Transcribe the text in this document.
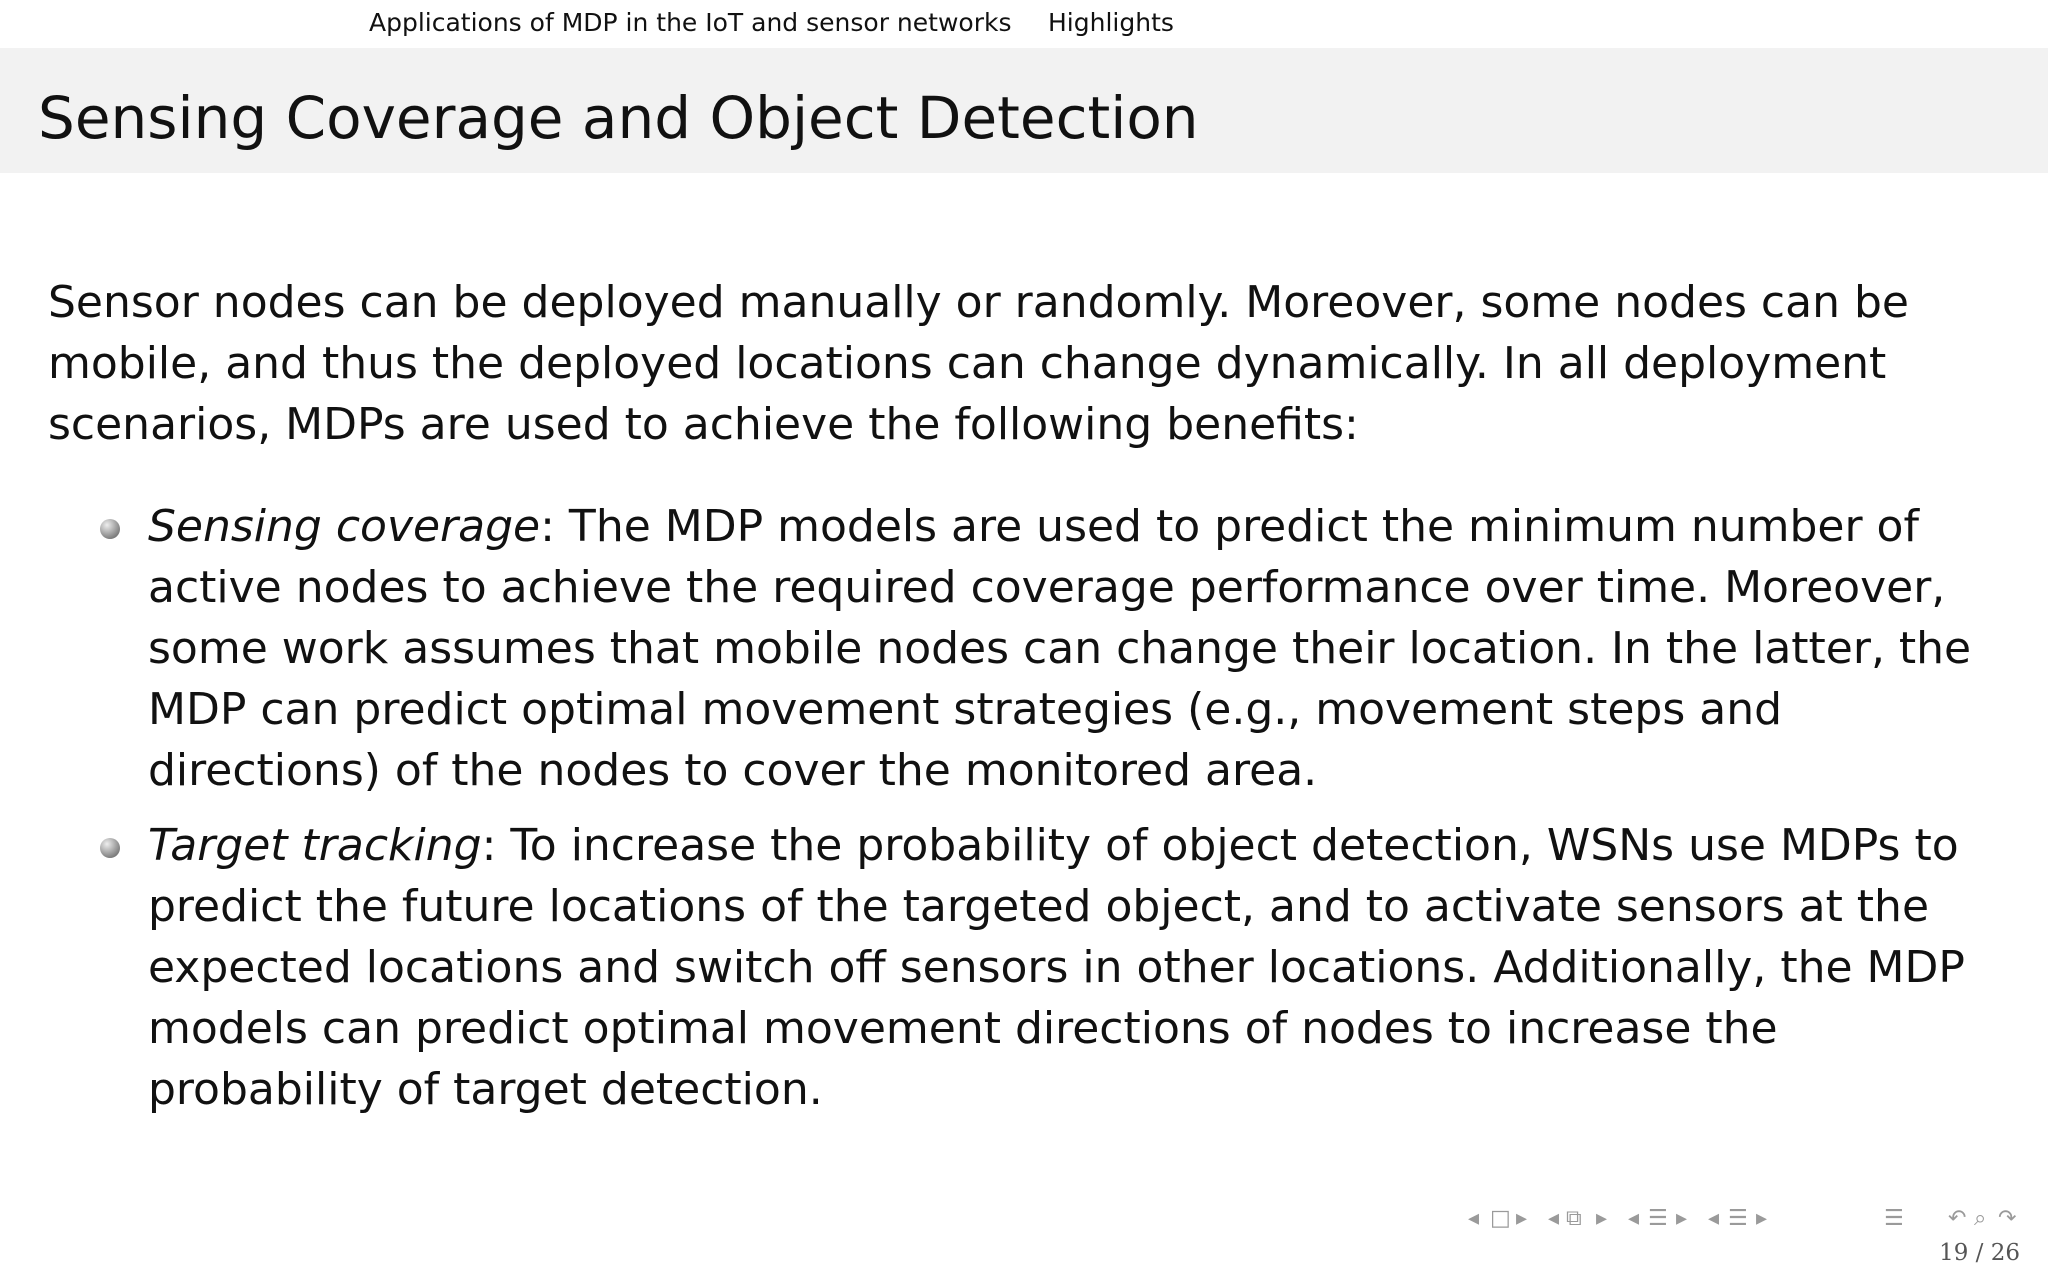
Applications of MDP in the IoT and sensor networks Highlights
Sensing Coverage and Object Detection

Sensor nodes can be deployed manually or randomly. Moreover, some nodes can be mobile, and thus the deployed locations can change dynamically. In all deployment scenarios, MDPs are used to achieve the following benefits:

Sensing coverage: The MDP models are used to predict the minimum number of active nodes to achieve the required coverage performance over time. Moreover, some work assumes that mobile nodes can change their location. In the latter, the MDP can predict optimal movement strategies (e.g., movement steps and directions) of the nodes to cover the monitored area.
Target tracking: To increase the probability of object detection, WSNs use MDPs to predict the future locations of the targeted object, and to activate sensors at the expected locations and switch off sensors in other locations. Additionally, the MDP models can predict optimal movement directions of nodes to increase the probability of target detection.
◂ □ ▸ ◂ ⧉ ▸ ◂ ☰ ▸ ◂ ☰ ▸	☰ ↶ ⌕ ↷
19 / 26
